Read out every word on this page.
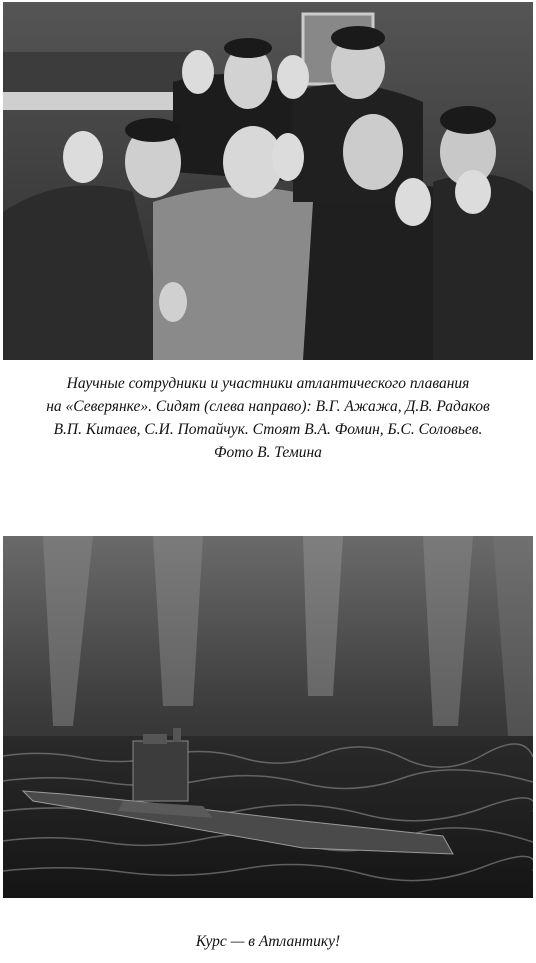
Научные сотрудники и участники атлантического плавания
на «Северянке». Сидят (слева направо): В.Г. Ажажа, Д.В. Радаков
В.П. Китаев, С.И. Потайчук. Стоят В.А. Фомин, Б.С. Соловьев.
Фото В. Темина
Курс — в Атлантику!
